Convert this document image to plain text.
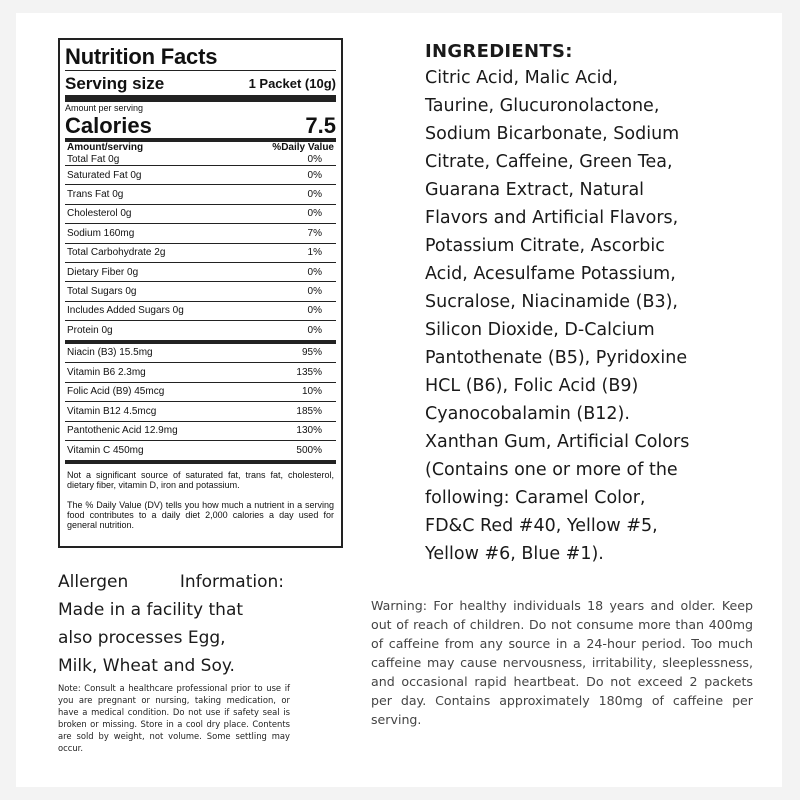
Nutrition Facts
Serving size	1 Packet (10g)
Amount per serving
Calories	7.5
Amount/serving	%Daily Value
Total Fat 0g	0%
Saturated Fat 0g	0%
Trans Fat 0g	0%
Cholesterol 0g	0%
Sodium 160mg	7%
Total Carbohydrate 2g	1%
Dietary Fiber 0g	0%
Total Sugars 0g	0%
Includes Added Sugars 0g	0%
Protein 0g	0%
Niacin (B3) 15.5mg	95%
Vitamin B6 2.3mg	135%
Folic Acid (B9) 45mcg	10%
Vitamin B12 4.5mcg	185%
Pantothenic Acid 12.9mg	130%
Vitamin C 450mg	500%
Not a significant source of saturated fat, trans fat, cholesterol, dietary fiber, vitamin D, iron and potassium.
The % Daily Value (DV) tells you how much a nutrient in a serving food contributes to a daily diet 2,000 calories a day used for general nutrition.
INGREDIENTS:
Citric Acid, Malic Acid,
Taurine, Glucuronolactone,
Sodium Bicarbonate, Sodium
Citrate, Caffeine, Green Tea,
Guarana Extract, Natural
Flavors and Artificial Flavors,
Potassium Citrate, Ascorbic
Acid, Acesulfame Potassium,
Sucralose, Niacinamide (B3),
Silicon Dioxide, D-Calcium
Pantothenate (B5), Pyridoxine
HCL (B6), Folic Acid (B9)
Cyanocobalamin (B12).
Xanthan Gum, Artificial Colors
(Contains one or more of the
following: Caramel Color,
FD&C Red #40, Yellow #5,
Yellow #6, Blue #1).
Allergen	Information:
Made in a facility that
also processes Egg,
Milk, Wheat and Soy.
Note: Consult a healthcare professional prior to use if you are pregnant or nursing, taking medication, or have a medical condition. Do not use if safety seal is broken or missing. Store in a cool dry place. Contents are sold by weight, not volume. Some settling may occur.
Warning: For healthy individuals 18 years and older. Keep out of reach of children. Do not consume more than 400mg of caffeine from any source in a 24-hour period. Too much caffeine may cause nervousness, irritability, sleeplessness, and occasional rapid heartbeat. Do not exceed 2 packets per day. Contains approximately 180mg of caffeine per serving.
